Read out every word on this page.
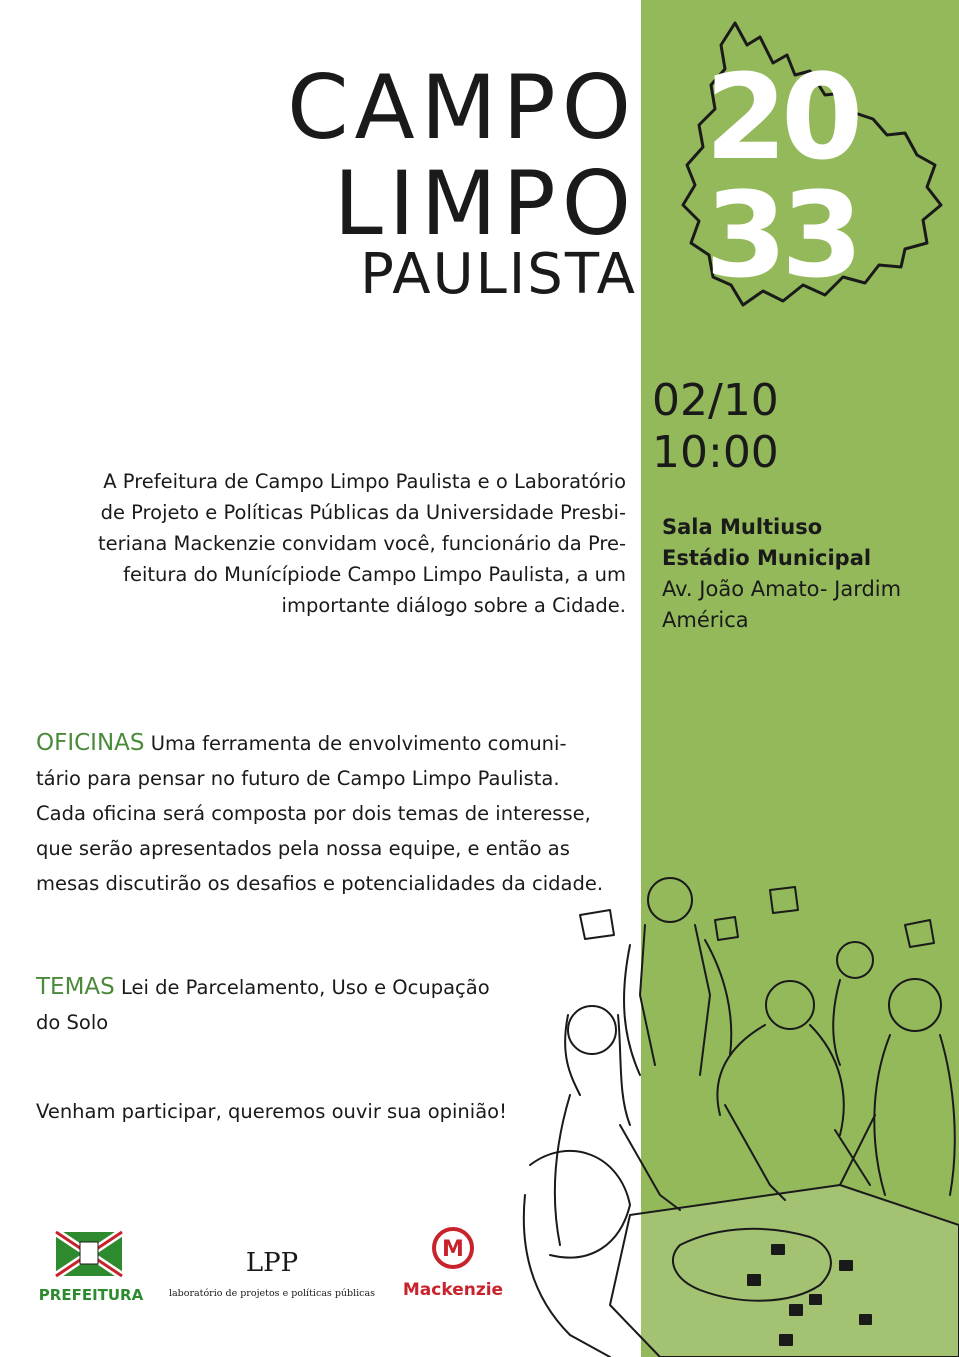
CAMPO
LIMPO
PAULISTA
20
33
02/10
10:00
Sala Multiuso
Estádio Municipal
Av. João Amato- Jardim
América
A Prefeitura de Campo Limpo Paulista e o Laboratório
de Projeto e Políticas Públicas da Universidade Presbi-
teriana Mackenzie convidam você, funcionário da Pre-
feitura do Munícípiode Campo Limpo Paulista, a um
importante diálogo sobre a Cidade.
OFICINAS Uma ferramenta de envolvimento comuni-
tário para pensar no futuro de Campo Limpo Paulista.
Cada oficina será composta por dois temas de interesse,
que serão apresentados pela nossa equipe, e então as
mesas discutirão os desafios e potencialidades da cidade.
TEMAS Lei de Parcelamento, Uso e Ocupação
do Solo
Venham participar, queremos ouvir sua opinião!
PREFEITURA
LPP
laboratório de projetos e políticas públicas
M
Mackenzie
